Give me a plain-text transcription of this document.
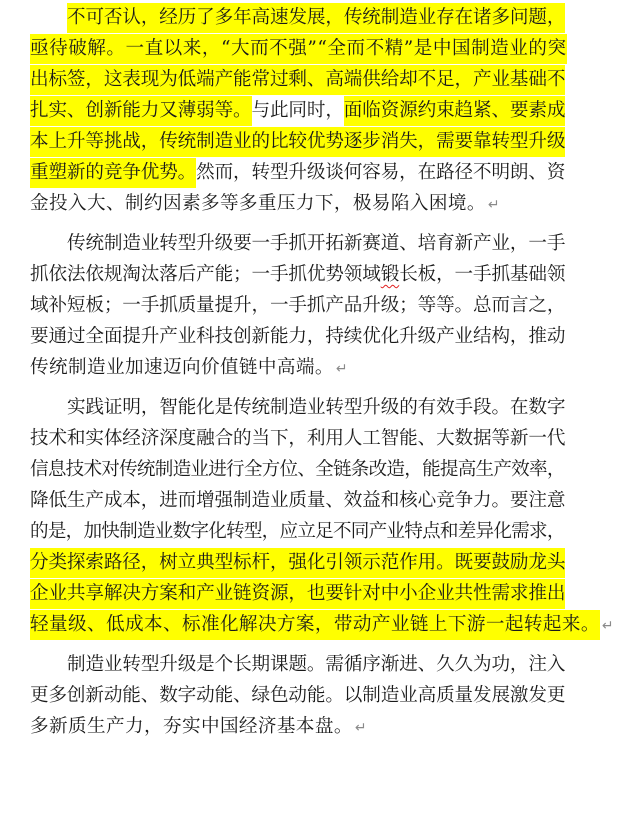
不可否认，经历了多年高速发展，传统制造业存在诸多问题，
亟待破解。一直以来，“大而不强”“全而不精”是中国制造业的突
出标签，这表现为低端产能常过剩、高端供给却不足，产业基础不
扎实、创新能力又薄弱等。与此同时，面临资源约束趋紧、要素成
本上升等挑战，传统制造业的比较优势逐步消失，需要靠转型升级
重塑新的竞争优势。然而，转型升级谈何容易，在路径不明朗、资
金投入大、制约因素多等多重压力下，极易陷入困境。 ↵
传统制造业转型升级要一手抓开拓新赛道、培育新产业，一手
抓依法依规淘汰落后产能；一手抓优势领域锻长板，一手抓基础领
域补短板；一手抓质量提升，一手抓产品升级；等等。总而言之，
要通过全面提升产业科技创新能力，持续优化升级产业结构，推动
传统制造业加速迈向价值链中高端。 ↵
实践证明，智能化是传统制造业转型升级的有效手段。在数字
技术和实体经济深度融合的当下，利用人工智能、大数据等新一代
信息技术对传统制造业进行全方位、全链条改造，能提高生产效率，
降低生产成本，进而增强制造业质量、效益和核心竞争力。要注意
的是，加快制造业数字化转型，应立足不同产业特点和差异化需求，
分类探索路径，树立典型标杆，强化引领示范作用。既要鼓励龙头
企业共享解决方案和产业链资源，也要针对中小企业共性需求推出
轻量级、低成本、标准化解决方案，带动产业链上下游一起转起来。 ↵
制造业转型升级是个长期课题。需循序渐进、久久为功，注入
更多创新动能、数字动能、绿色动能。以制造业高质量发展激发更
多新质生产力，夯实中国经济基本盘。 ↵
